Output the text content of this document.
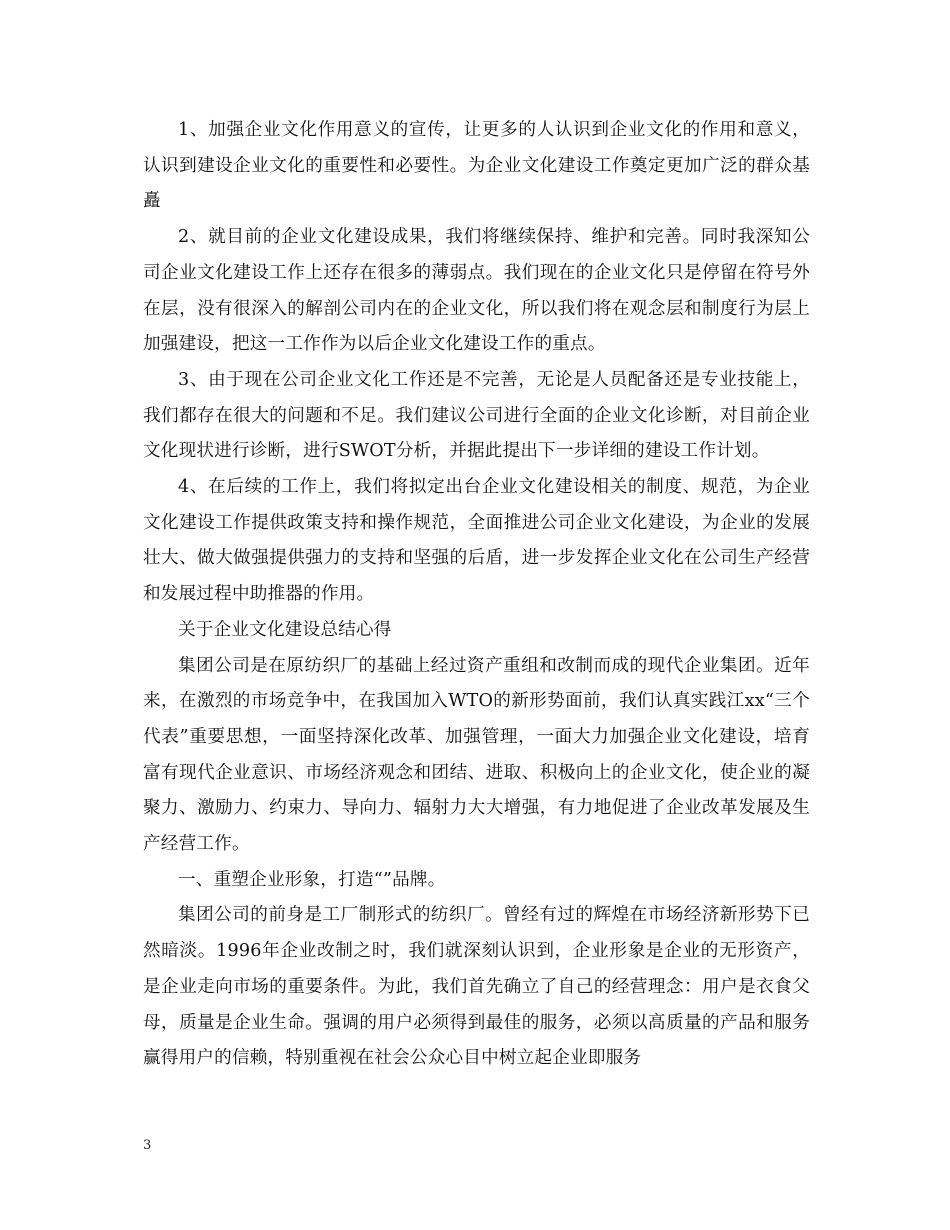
1、加强企业文化作用意义的宣传，让更多的人认识到企业文化的作用和意义，认识到建设企业文化的重要性和必要性。为企业文化建设工作奠定更加广泛的群众基矗

2、就目前的企业文化建设成果，我们将继续保持、维护和完善。同时我深知公司企业文化建设工作上还存在很多的薄弱点。我们现在的企业文化只是停留在符号外在层，没有很深入的解剖公司内在的企业文化，所以我们将在观念层和制度行为层上加强建设，把这一工作作为以后企业文化建设工作的重点。

3、由于现在公司企业文化工作还是不完善，无论是人员配备还是专业技能上，我们都存在很大的问题和不足。我们建议公司进行全面的企业文化诊断，对目前企业文化现状进行诊断，进行SWOT分析，并据此提出下一步详细的建设工作计划。

4、在后续的工作上，我们将拟定出台企业文化建设相关的制度、规范，为企业文化建设工作提供政策支持和操作规范，全面推进公司企业文化建设，为企业的发展壮大、做大做强提供强力的支持和坚强的后盾，进一步发挥企业文化在公司生产经营和发展过程中助推器的作用。

关于企业文化建设总结心得

集团公司是在原纺织厂的基础上经过资产重组和改制而成的现代企业集团。近年来，在激烈的市场竞争中，在我国加入WTO的新形势面前，我们认真实践江xx“三个代表”重要思想，一面坚持深化改革、加强管理，一面大力加强企业文化建设，培育富有现代企业意识、市场经济观念和团结、进取、积极向上的企业文化，使企业的凝聚力、激励力、约束力、导向力、辐射力大大增强，有力地促进了企业改革发展及生产经营工作。

一、重塑企业形象，打造“”品牌。

集团公司的前身是工厂制形式的纺织厂。曾经有过的辉煌在市场经济新形势下已然暗淡。1996年企业改制之时，我们就深刻认识到，企业形象是企业的无形资产，是企业走向市场的重要条件。为此，我们首先确立了自己的经营理念：用户是衣食父母，质量是企业生命。强调的用户必须得到最佳的服务，必须以高质量的产品和服务赢得用户的信赖，特别重视在社会公众心目中树立起企业即服务

3
